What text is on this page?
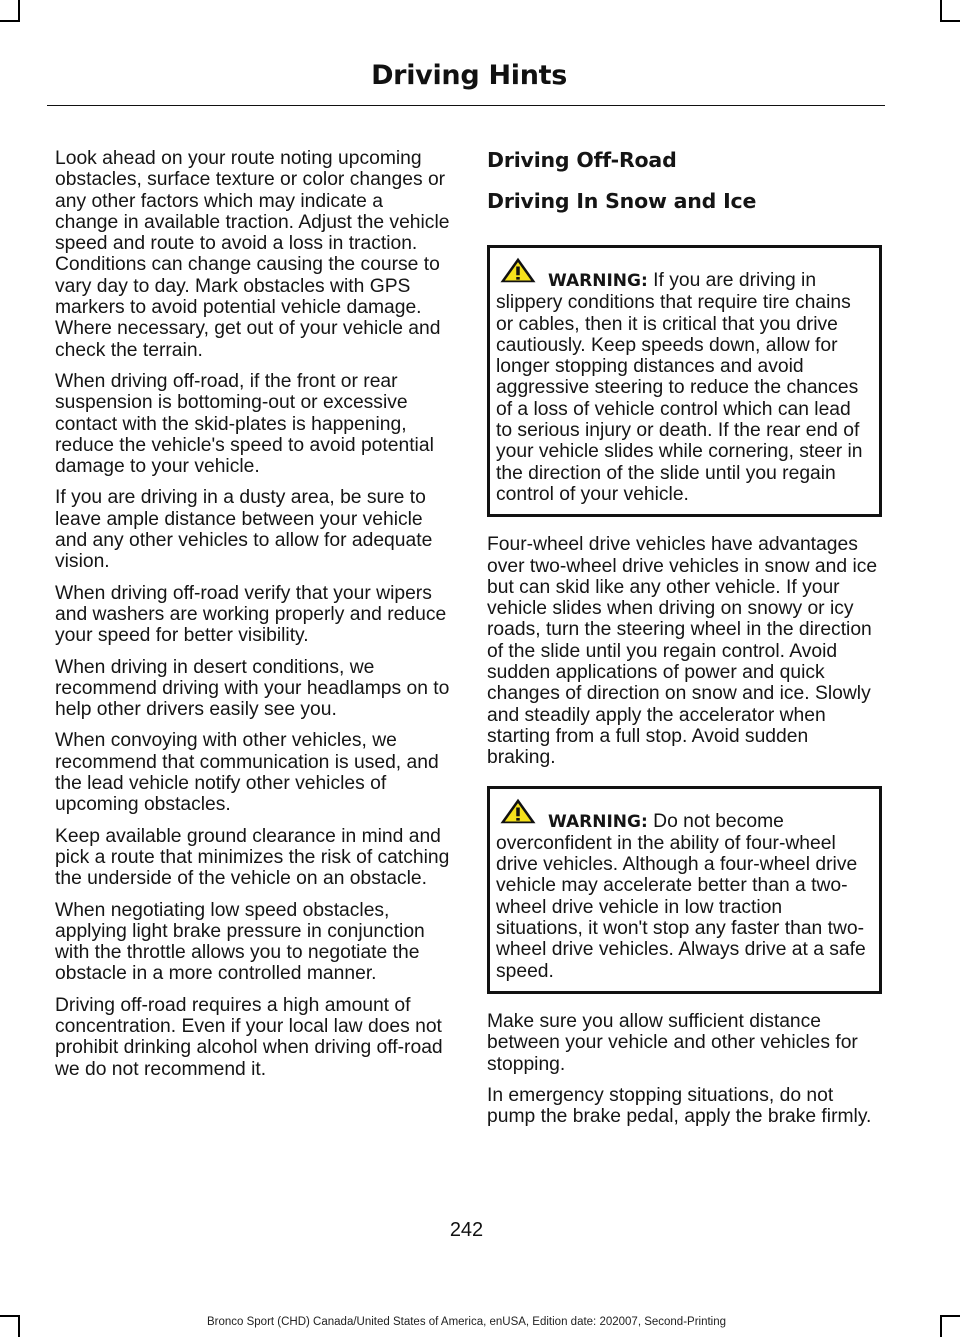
Driving Hints

Look ahead on your route noting upcoming obstacles, surface texture or color changes or any other factors which may indicate a change in available traction. Adjust the vehicle speed and route to avoid a loss in traction. Conditions can change causing the course to vary day to day. Mark obstacles with GPS markers to avoid potential vehicle damage. Where necessary, get out of your vehicle and check the terrain.

When driving off-road, if the front or rear suspension is bottoming-out or excessive contact with the skid-plates is happening, reduce the vehicle's speed to avoid potential damage to your vehicle.

If you are driving in a dusty area, be sure to leave ample distance between your vehicle and any other vehicles to allow for adequate vision.

When driving off-road verify that your wipers and washers are working properly and reduce your speed for better visibility.

When driving in desert conditions, we recommend driving with your headlamps on to help other drivers easily see you.

When convoying with other vehicles, we recommend that communication is used, and the lead vehicle notify other vehicles of upcoming obstacles.

Keep available ground clearance in mind and pick a route that minimizes the risk of catching the underside of the vehicle on an obstacle.

When negotiating low speed obstacles, applying light brake pressure in conjunction with the throttle allows you to negotiate the obstacle in a more controlled manner.

Driving off-road requires a high amount of concentration. Even if your local law does not prohibit drinking alcohol when driving off-road we do not recommend it.

Driving Off-Road
Driving In Snow and Ice
WARNING: If you are driving in slippery conditions that require tire chains or cables, then it is critical that you drive cautiously. Keep speeds down, allow for longer stopping distances and avoid aggressive steering to reduce the chances of a loss of vehicle control which can lead to serious injury or death. If the rear end of your vehicle slides while cornering, steer in the direction of the slide until you regain control of your vehicle.

Four-wheel drive vehicles have advantages over two-wheel drive vehicles in snow and ice but can skid like any other vehicle. If your vehicle slides when driving on snowy or icy roads, turn the steering wheel in the direction of the slide until you regain control. Avoid sudden applications of power and quick changes of direction on snow and ice. Slowly and steadily apply the accelerator when starting from a full stop. Avoid sudden braking.

WARNING: Do not become overconfident in the ability of four-wheel drive vehicles. Although a four-wheel drive vehicle may accelerate better than a two-wheel drive vehicle in low traction situations, it won't stop any faster than two-wheel drive vehicles. Always drive at a safe speed.

Make sure you allow sufficient distance between your vehicle and other vehicles for stopping.

In emergency stopping situations, do not pump the brake pedal, apply the brake firmly.

242
Bronco Sport (CHD) Canada/United States of America, enUSA, Edition date: 202007, Second-Printing
